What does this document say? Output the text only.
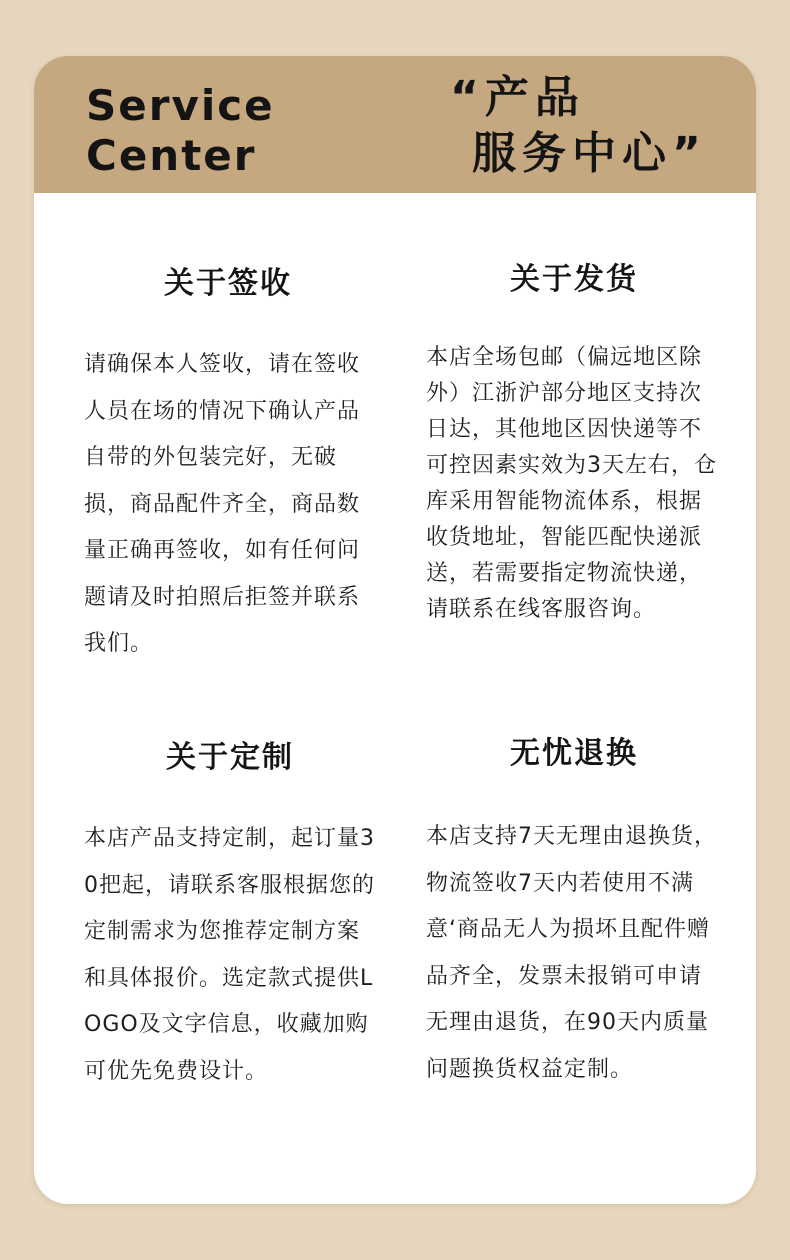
Service
Center
“产品
服务中心”
关于签收

请确保本人签收，请在签收人员在场的情况下确认产品自带的外包装完好，无破损，商品配件齐全，商品数量正确再签收，如有任何问题请及时拍照后拒签并联系我们。

关于发货

本店全场包邮（偏远地区除外）江浙沪部分地区支持次日达，其他地区因快递等不可控因素实效为3天左右，仓库采用智能物流体系，根据收货地址，智能匹配快递派送，若需要指定物流快递，请联系在线客服咨询。

关于定制

本店产品支持定制，起订量30把起，请联系客服根据您的定制需求为您推荐定制方案和具体报价。选定款式提供LOGO及文字信息，收藏加购可优先免费设计。

无忧退换

本店支持7天无理由退换货，物流签收7天内若使用不满意‘商品无人为损坏且配件赠品齐全，发票未报销可申请无理由退货，在90天内质量问题换货权益定制。
